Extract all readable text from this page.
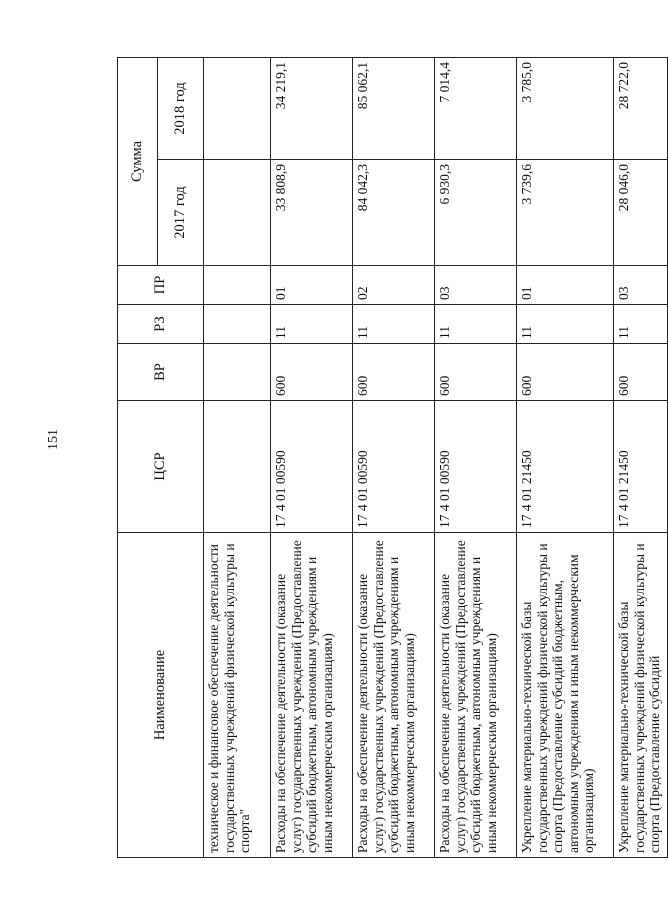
151
Наименование	ЦСР	ВР	РЗ	ПР	Сумма	
					2017 год	2018 год
техническое и финансовое обеспечение деятельности государственных учреждений физической культуры и спорта"						
Расходы на обеспечение деятельности (оказание услуг) государственных учреждений (Предоставление субсидий бюджетным, автономным учреждениям и иным некоммерческим организациям)	17 4 01 00590	600	11	01	33 808,9	34 219,1
Расходы на обеспечение деятельности (оказание услуг) государственных учреждений (Предоставление субсидий бюджетным, автономным учреждениям и иным некоммерческим организациям)	17 4 01 00590	600	11	02	84 042,3	85 062,1
Расходы на обеспечение деятельности (оказание услуг) государственных учреждений (Предоставление субсидий бюджетным, автономным учреждениям и иным некоммерческим организациям)	17 4 01 00590	600	11	03	6 930,3	7 014,4
Укрепление материально-технической базы государственных учреждений физической культуры и спорта (Предоставление субсидий бюджетным, автономным учреждениям и иным некоммерческим организациям)	17 4 01 21450	600	11	01	3 739,6	3 785,0
Укрепление материально-технической базы государственных учреждений физической культуры и спорта (Предоставление субсидий	17 4 01 21450	600	11	03	28 046,0	28 722,0
